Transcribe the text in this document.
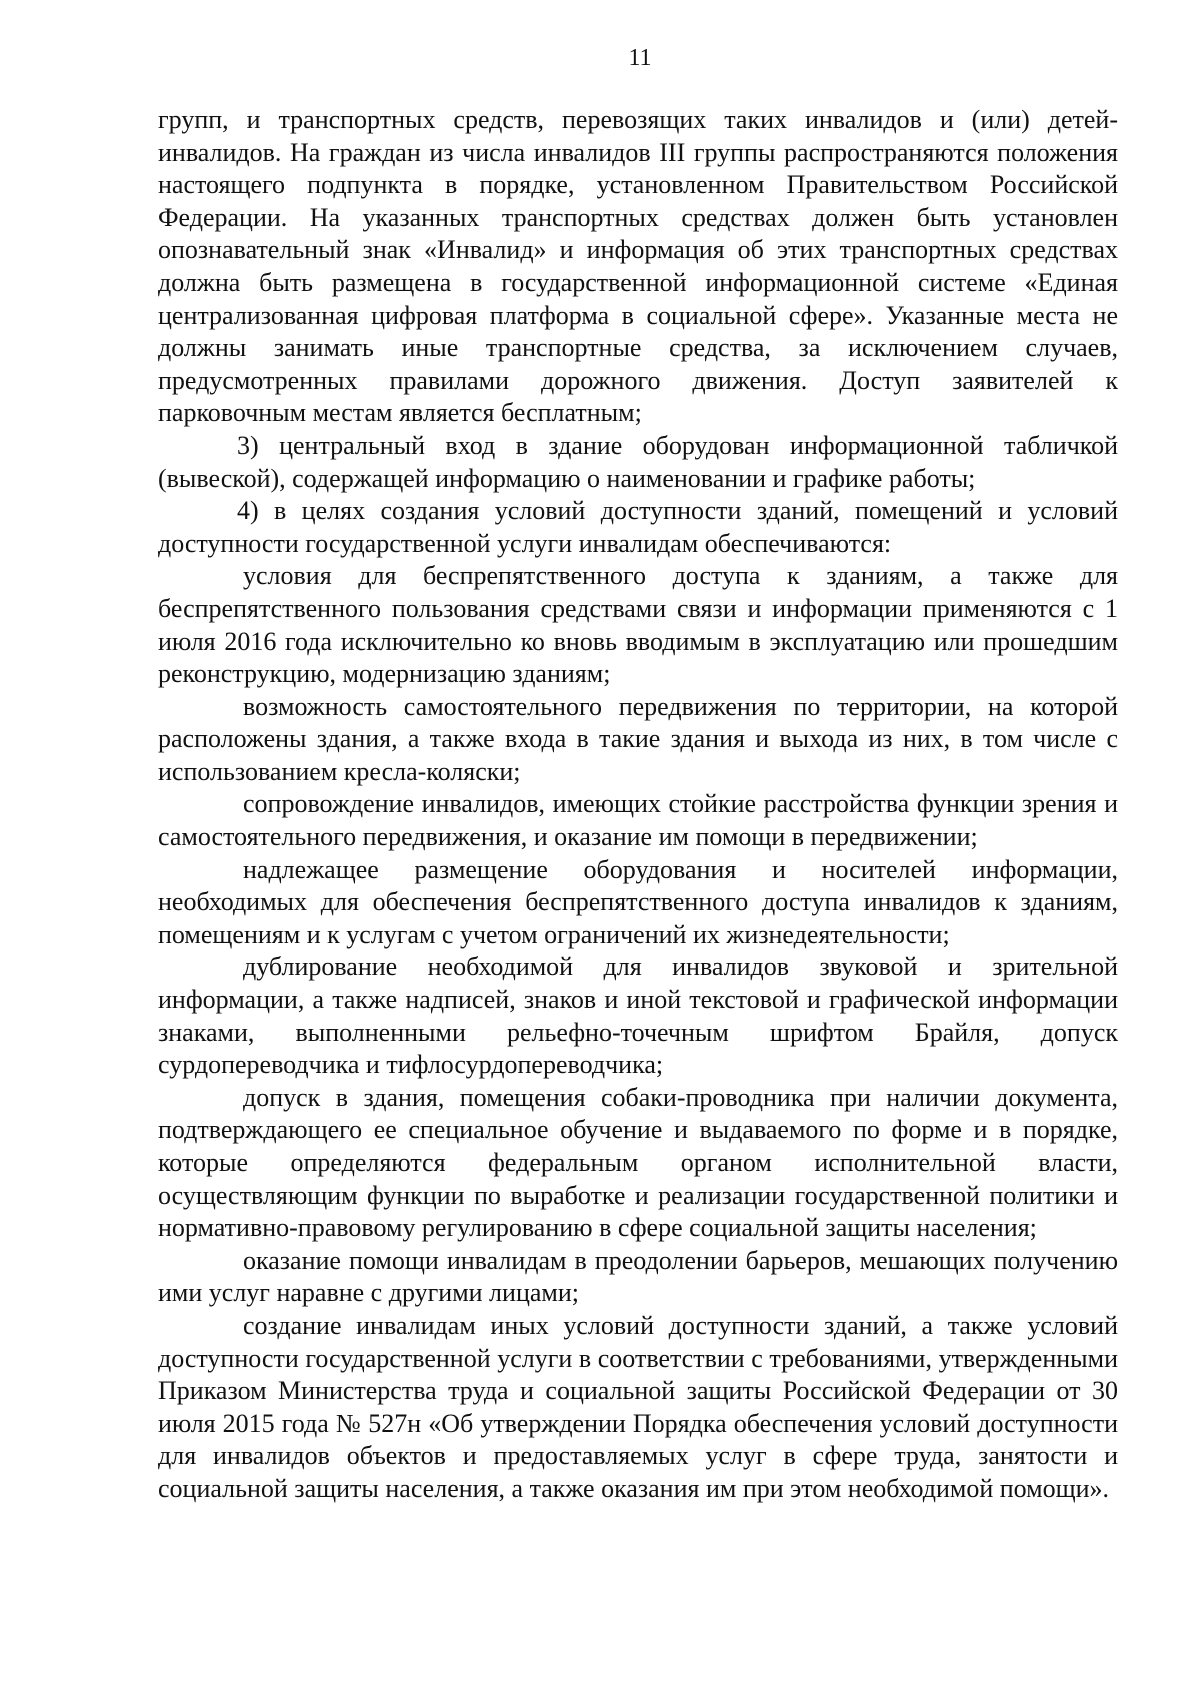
11

групп, и транспортных средств, перевозящих таких инвалидов и (или) детей-инвалидов. На граждан из числа инвалидов III группы распространяются положения настоящего подпункта в порядке, установленном Правительством Российской Федерации. На указанных транспортных средствах должен быть установлен опознавательный знак «Инвалид» и информация об этих транспортных средствах должна быть размещена в государственной информационной системе «Единая централизованная цифровая платформа в социальной сфере». Указанные места не должны занимать иные транспортные средства, за исключением случаев, предусмотренных правилами дорожного движения. Доступ заявителей к парковочным местам является бесплатным;

3) центральный вход в здание оборудован информационной табличкой (вывеской), содержащей информацию о наименовании и графике работы;

4) в целях создания условий доступности зданий, помещений и условий доступности государственной услуги инвалидам обеспечиваются:

условия для беспрепятственного доступа к зданиям, а также для беспрепятственного пользования средствами связи и информации применяются с 1 июля 2016 года исключительно ко вновь вводимым в эксплуатацию или прошедшим реконструкцию, модернизацию зданиям;

возможность самостоятельного передвижения по территории, на которой расположены здания, а также входа в такие здания и выхода из них, в том числе с использованием кресла-коляски;

сопровождение инвалидов, имеющих стойкие расстройства функции зрения и самостоятельного передвижения, и оказание им помощи в передвижении;

надлежащее размещение оборудования и носителей информации, необходимых для обеспечения беспрепятственного доступа инвалидов к зданиям, помещениям и к услугам с учетом ограничений их жизнедеятельности;

дублирование необходимой для инвалидов звуковой и зрительной информации, а также надписей, знаков и иной текстовой и графической информации знаками, выполненными рельефно-точечным шрифтом Брайля, допуск сурдопереводчика и тифлосурдопереводчика;

допуск в здания, помещения собаки-проводника при наличии документа, подтверждающего ее специальное обучение и выдаваемого по форме и в порядке, которые определяются федеральным органом исполнительной власти, осуществляющим функции по выработке и реализации государственной политики и нормативно-правовому регулированию в сфере социальной защиты населения;

оказание помощи инвалидам в преодолении барьеров, мешающих получению ими услуг наравне с другими лицами;

создание инвалидам иных условий доступности зданий, а также условий доступности государственной услуги в соответствии с требованиями, утвержденными Приказом Министерства труда и социальной защиты Российской Федерации от 30 июля 2015 года № 527н «Об утверждении Порядка обеспечения условий доступности для инвалидов объектов и предоставляемых услуг в сфере труда, занятости и социальной защиты населения, а также оказания им при этом необходимой помощи».
